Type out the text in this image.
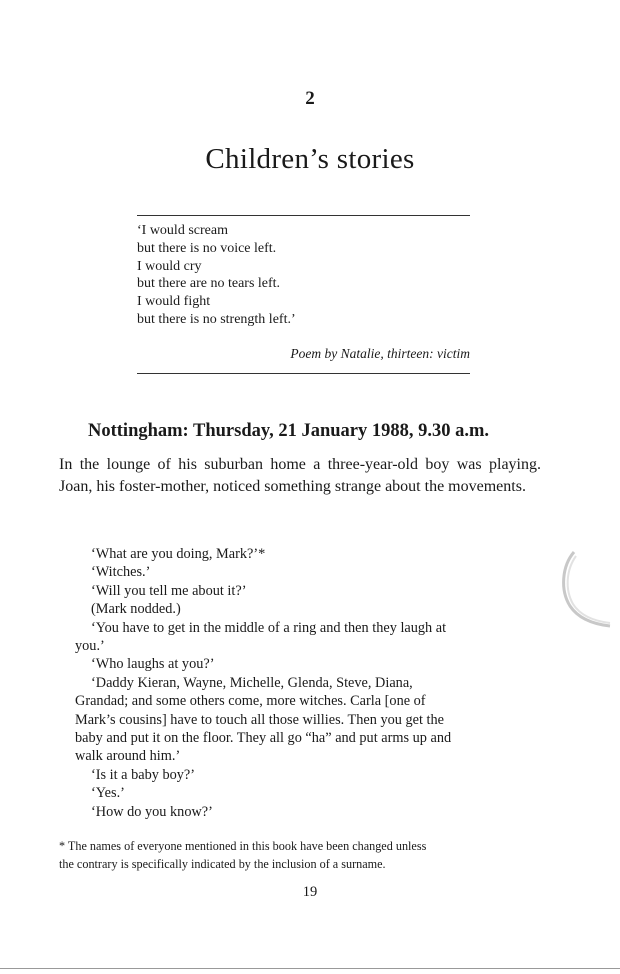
2
Children’s stories
‘I would scream
but there is no voice left.
I would cry
but there are no tears left.
I would fight
but there is no strength left.’
Poem by Natalie, thirteen: victim
Nottingham: Thursday, 21 January 1988, 9.30 a.m.

In the lounge of his suburban home a three-year-old boy was playing. Joan, his foster-mother, noticed something strange about the movements.

‘What are you doing, Mark?’*
‘Witches.’
‘Will you tell me about it?’
(Mark nodded.)
‘You have to get in the middle of a ring and then they laugh at
you.’
‘Who laughs at you?’
‘Daddy Kieran, Wayne, Michelle, Glenda, Steve, Diana,
Grandad; and some others come, more witches. Carla [one of
Mark’s cousins] have to touch all those willies. Then you get the
baby and put it on the floor. They all go “ha” and put arms up and
walk around him.’
‘Is it a baby boy?’
‘Yes.’
‘How do you know?’
* The names of everyone mentioned in this book have been changed unless
the contrary is specifically indicated by the inclusion of a surname.
19
